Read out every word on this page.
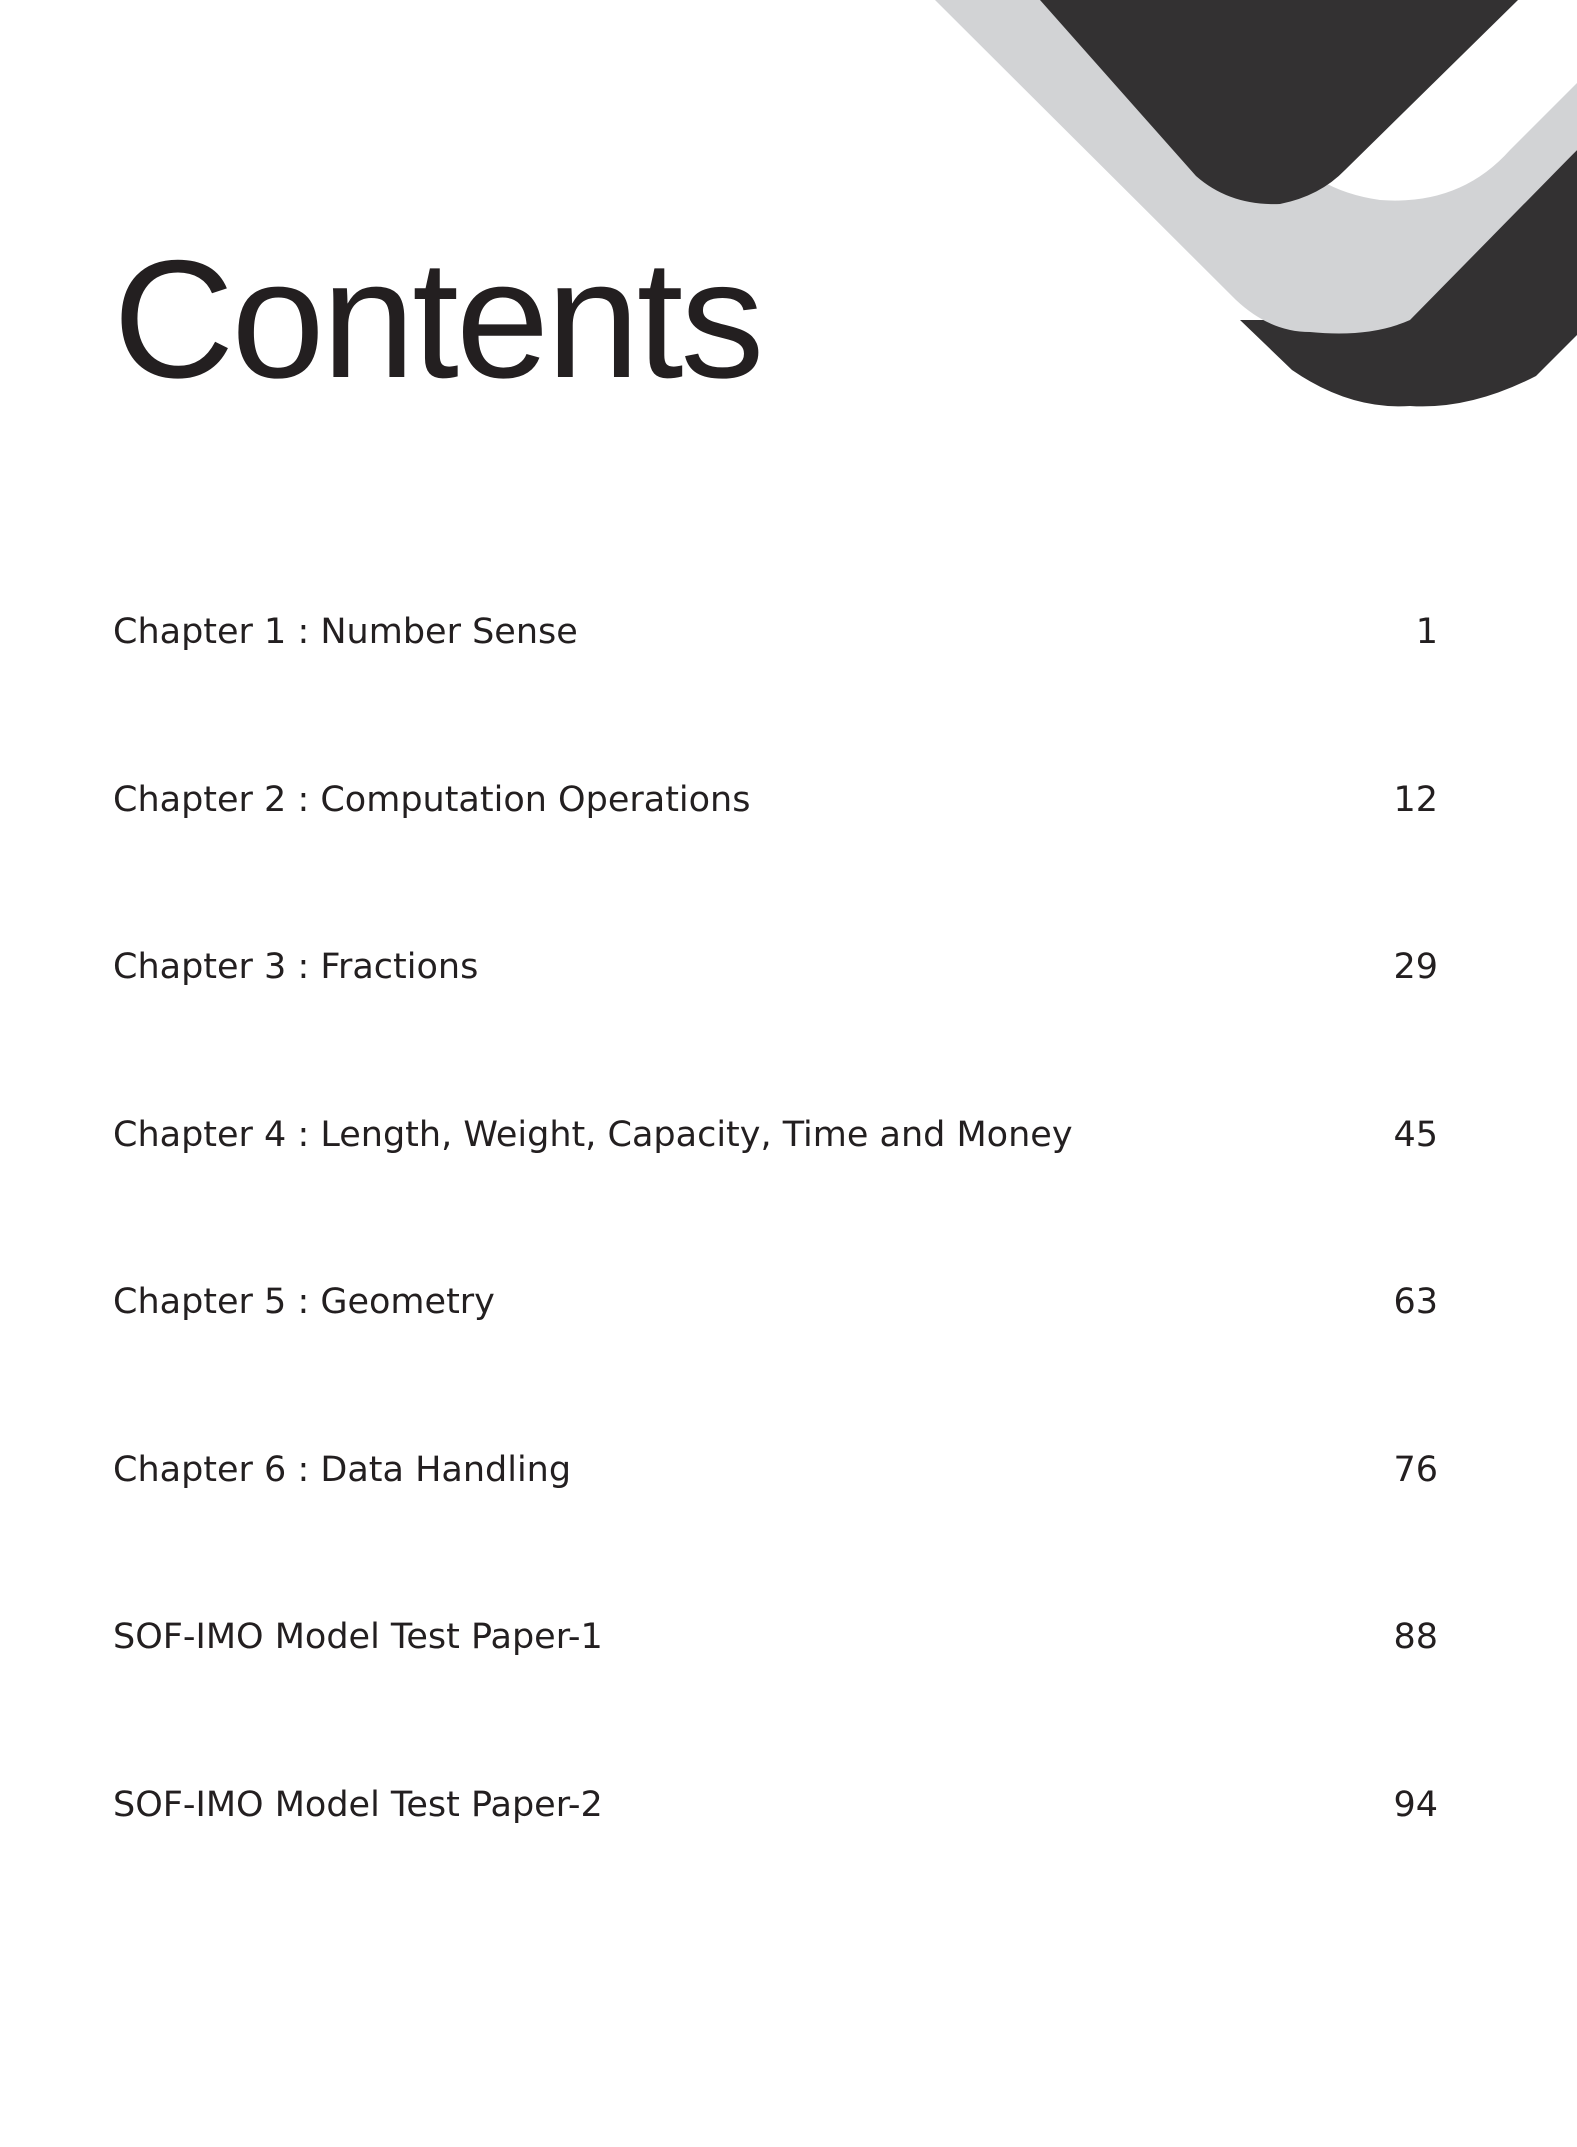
Contents
Chapter 1 : Number Sense	1
Chapter 2 : Computation Operations	12
Chapter 3 : Fractions	29
Chapter 4 : Length, Weight, Capacity, Time and Money	45
Chapter 5 : Geometry	63
Chapter 6 : Data Handling	76
SOF-IMO Model Test Paper-1	88
SOF-IMO Model Test Paper-2	94
